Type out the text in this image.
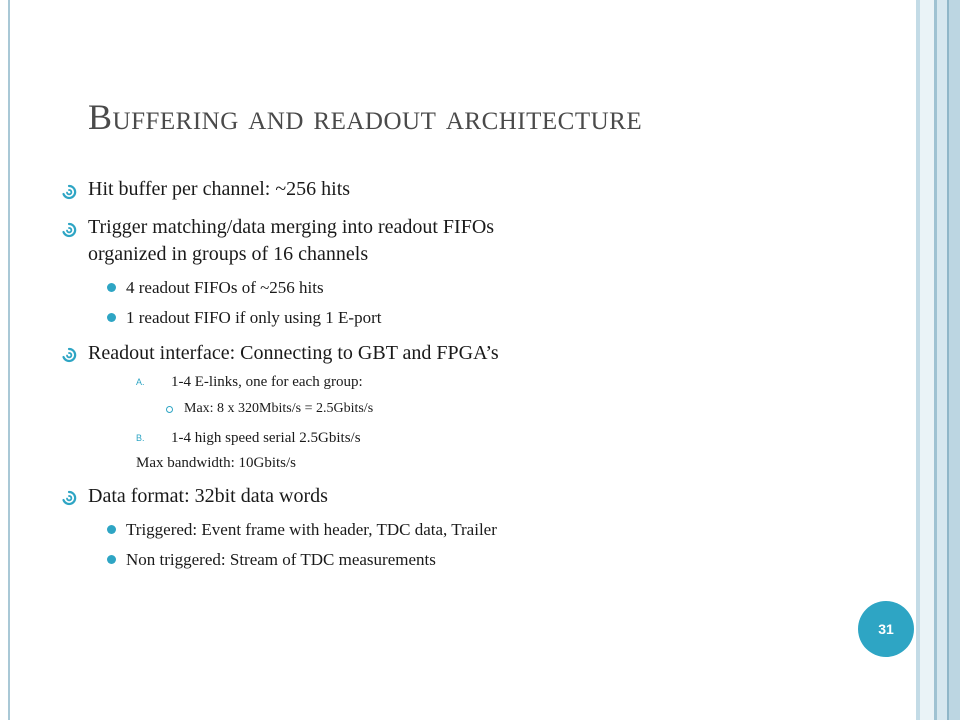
Buffering and readout architecture
A.
B.
Hit buffer per channel: ~256 hits
Trigger matching/data merging into readout FIFOs
organized in groups of 16 channels
4 readout FIFOs of ~256 hits
1 readout FIFO if only using 1 E-port
Readout interface: Connecting to GBT and FPGA’s
1-4 E-links, one for each group:
Max: 8 x 320Mbits/s = 2.5Gbits/s
1-4 high speed serial 2.5Gbits/s
Max bandwidth: 10Gbits/s
Data format: 32bit data words
Triggered: Event frame with header, TDC data, Trailer
Non triggered: Stream of TDC measurements
31
